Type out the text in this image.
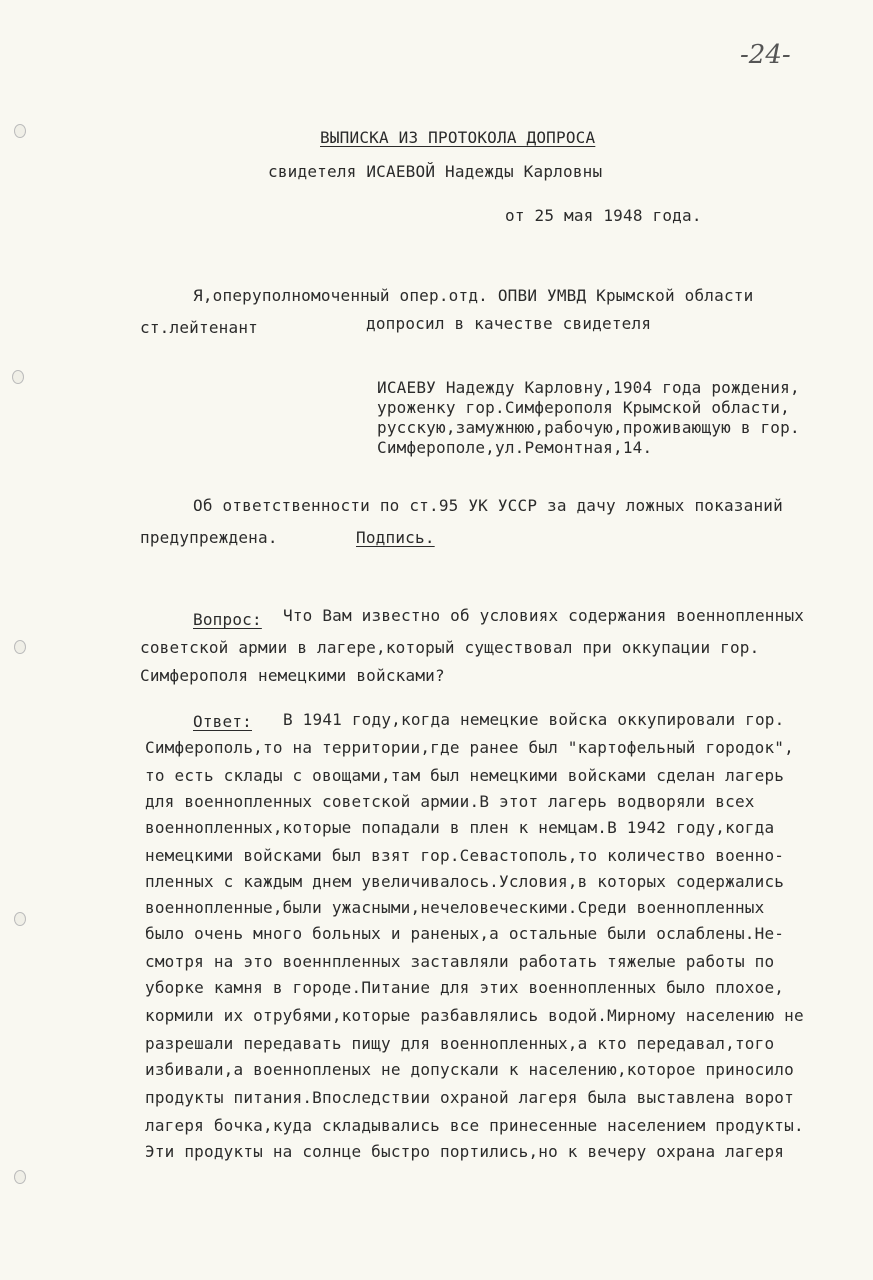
-24-
ВЫПИСКА ИЗ ПРОТОКОЛА ДОПРОСА
свидетеля ИСАЕВОЙ Надежды Карловны
от 25 мая 1948 года.
Я,оперуполномоченный опер.отд. ОПВИ УМВД Крымской области
ст.лейтенант	допросил в качестве свидетеля
ИСАЕВУ Надежду Карловну,1904 года рождения,
уроженку гор.Симферополя Крымской области,
русскую,замужнюю,рабочую,проживающую в гор.
Симферополе,ул.Ремонтная,14.
Об ответственности по ст.95 УК УССР за дачу ложных показаний
предупреждена.	Подпись.
Вопрос: Что Вам известно об условиях содержания военнопленных
советской армии в лагере,который существовал при оккупации гор.
Симферополя немецкими войсками?
Ответ: В 1941 году,когда немецкие войска оккупировали гор.
Симферополь,то на территории,где ранее был "картофельный городок",
то есть склады с овощами,там был немецкими войсками сделан лагерь
для военнопленных советской армии.В этот лагерь водворяли всех
военнопленных,которые попадали в плен к немцам.В 1942 году,когда
немецкими войсками был взят гор.Севастополь,то количество военно-
пленных с каждым днем увеличивалось.Условия,в которых содержались
военнопленные,были ужасными,нечеловеческими.Среди военнопленных
было очень много больных и раненых,а остальные были ослаблены.Не-
смотря на это военнпленных заставляли работать тяжелые работы по
уборке камня в городе.Питание для этих военнопленных было плохое,
кормили их отрубями,которые разбавлялись водой.Мирному населению не
разрешали передавать пищу для военнопленных,а кто передавал,того
избивали,а военнопленых не допускали к населению,которое приносило
продукты питания.Впоследствии охраной лагеря была выставлена ворот
лагеря бочка,куда складывались все принесенные населением продукты.
Эти продукты на солнце быстро портились,но к вечеру охрана лагеря
